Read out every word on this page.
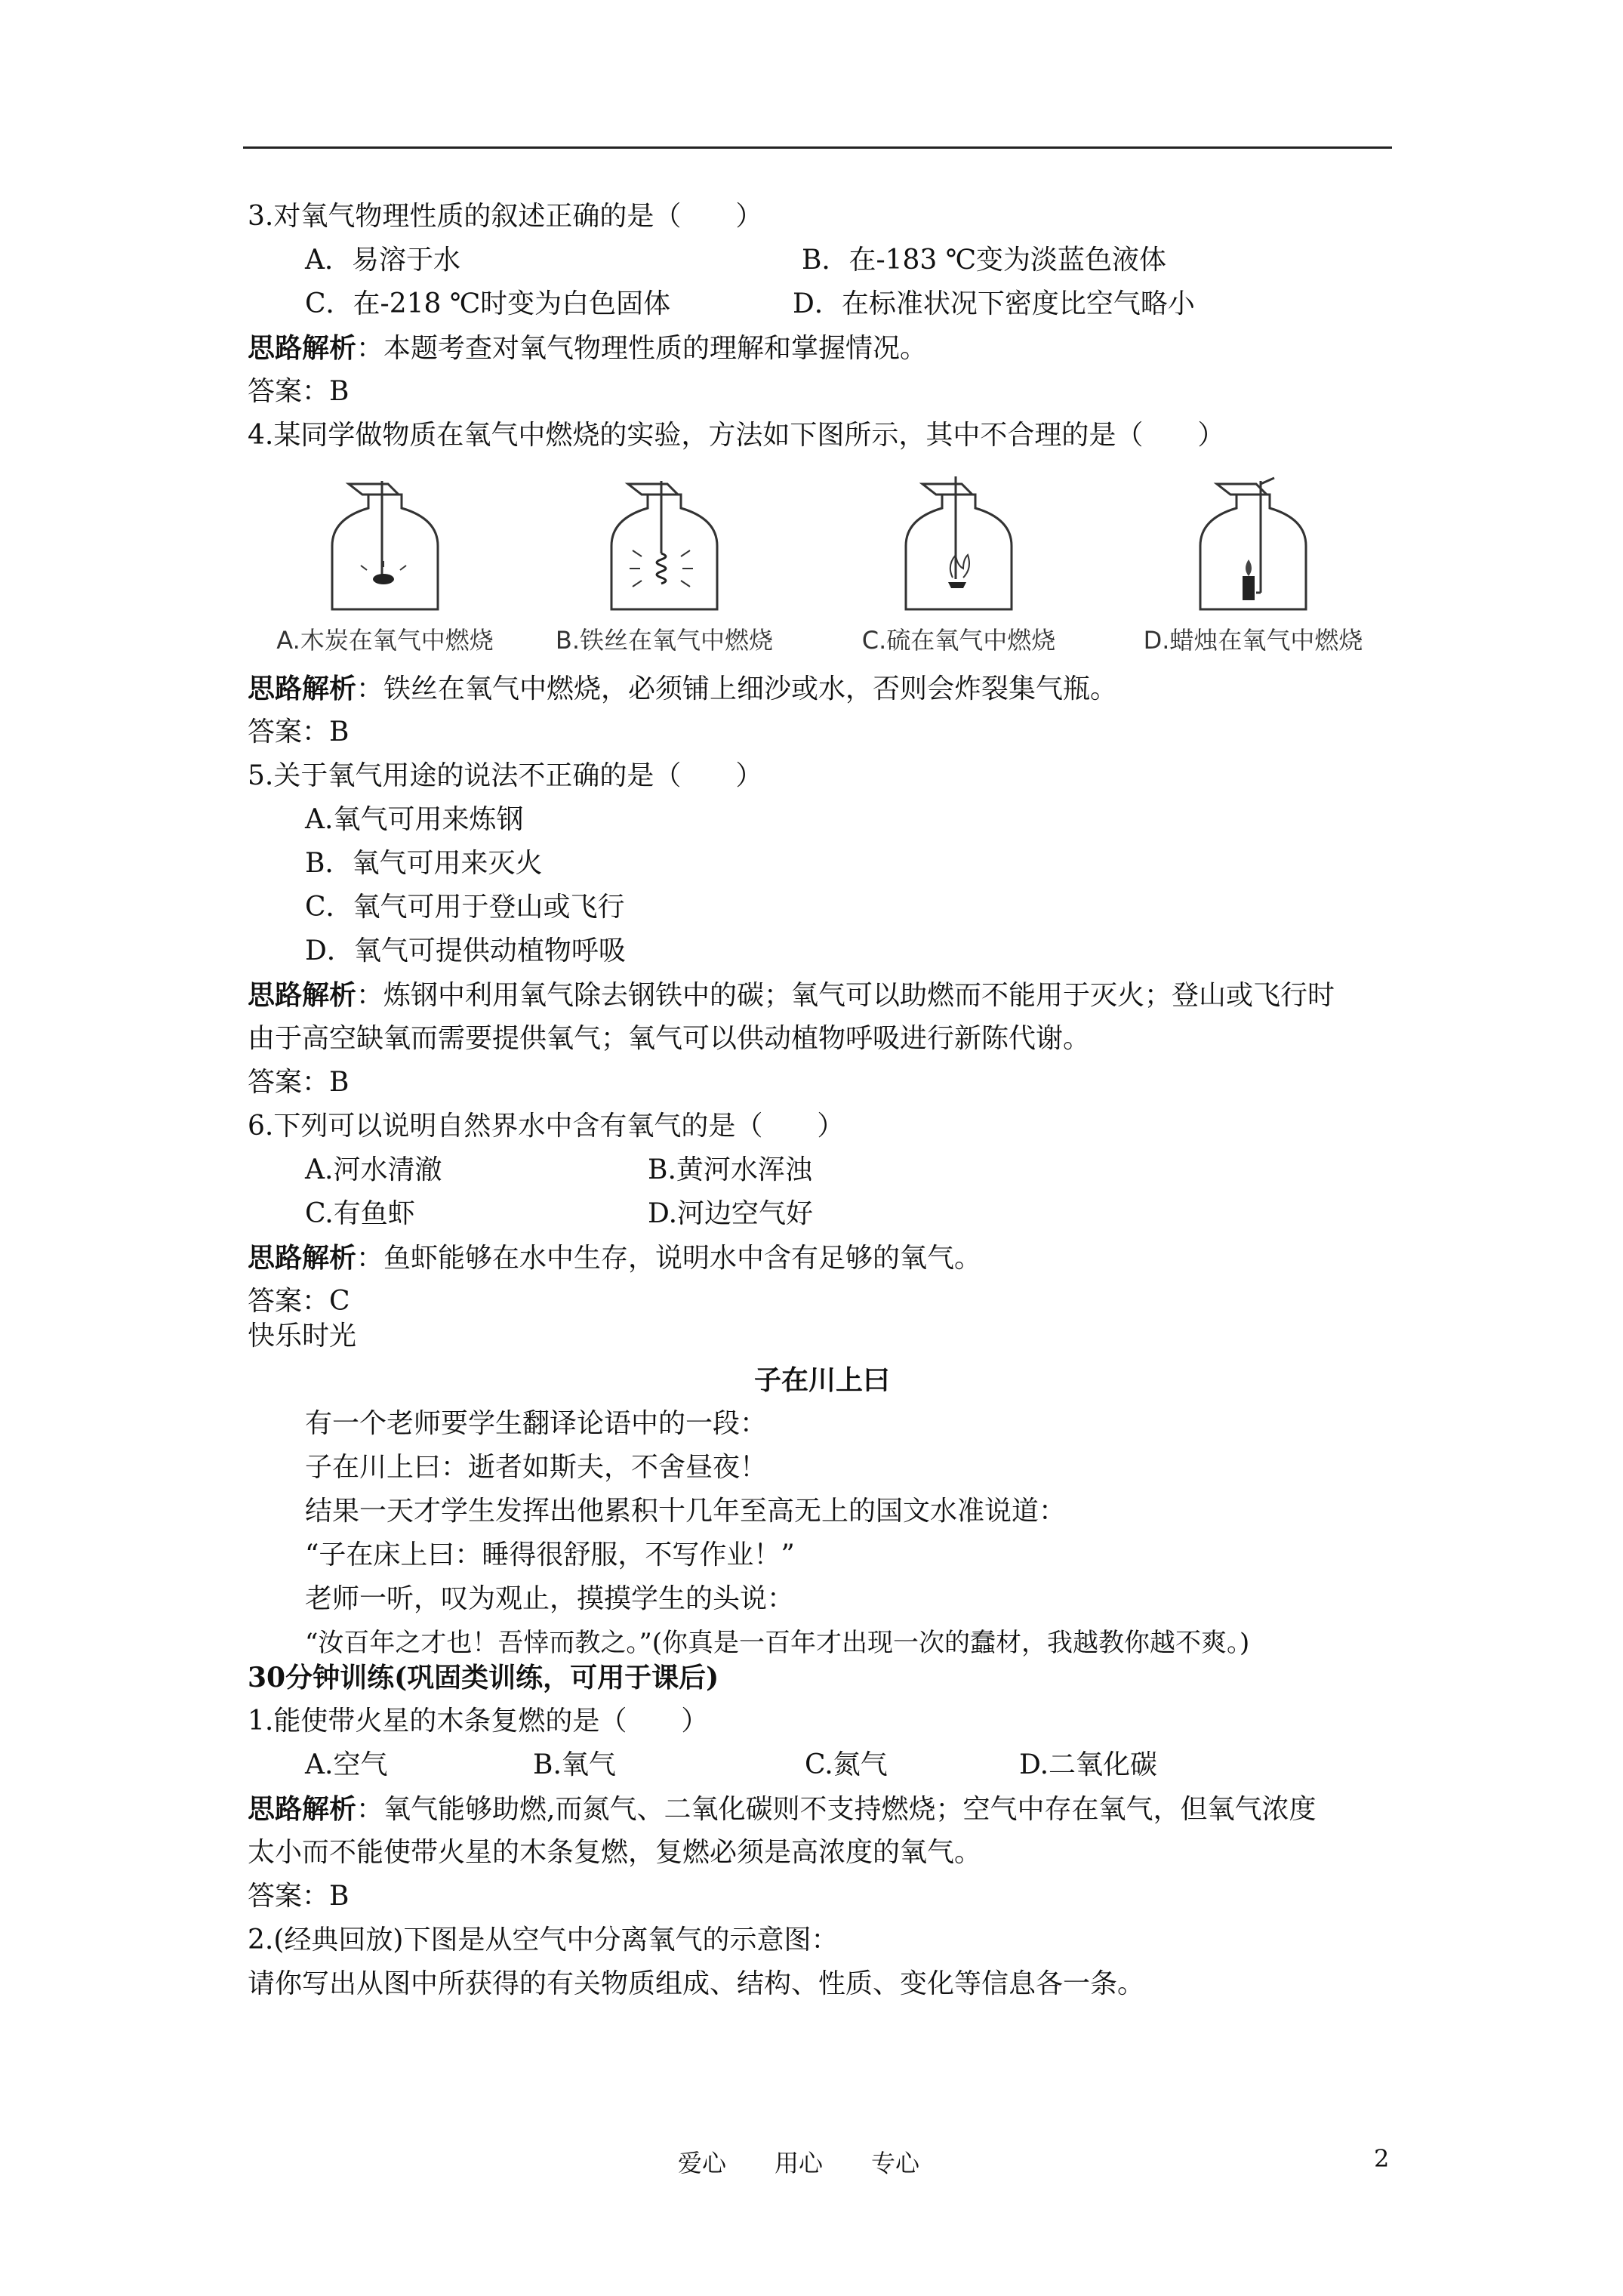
3.对氧气物理性质的叙述正确的是（　　）
A．易溶于水	B．在-183 ℃变为淡蓝色液体
C．在-218 ℃时变为白色固体	D．在标准状况下密度比空气略小
思路解析：本题考查对氧气物理性质的理解和掌握情况。
答案：B
4.某同学做物质在氧气中燃烧的实验，方法如下图所示，其中不合理的是（　　）
A.木炭在氧气中燃烧	B.铁丝在氧气中燃烧	C.硫在氧气中燃烧	D.蜡烛在氧气中燃烧
思路解析：铁丝在氧气中燃烧，必须铺上细沙或水，否则会炸裂集气瓶。
答案：B
5.关于氧气用途的说法不正确的是（　　）
A.氧气可用来炼钢
B．氧气可用来灭火
C．氧气可用于登山或飞行
D．氧气可提供动植物呼吸
思路解析：炼钢中利用氧气除去钢铁中的碳；氧气可以助燃而不能用于灭火；登山或飞行时
由于高空缺氧而需要提供氧气；氧气可以供动植物呼吸进行新陈代谢。
答案：B
6.下列可以说明自然界水中含有氧气的是（　　）
A.河水清澈	B.黄河水浑浊
C.有鱼虾	D.河边空气好
思路解析：鱼虾能够在水中生存，说明水中含有足够的氧气。
答案：C
快乐时光
子在川上曰
有一个老师要学生翻译论语中的一段：
子在川上曰：逝者如斯夫，不舍昼夜！
结果一天才学生发挥出他累积十几年至高无上的国文水准说道：
“子在床上曰：睡得很舒服，不写作业！”
老师一听，叹为观止，摸摸学生的头说：
“汝百年之才也！吾悻而教之。”(你真是一百年才出现一次的蠢材，我越教你越不爽。)
30分钟训练(巩固类训练，可用于课后)
1.能使带火星的木条复燃的是（　　）
A.空气	B.氧气	C.氮气	D.二氧化碳
思路解析：氧气能够助燃,而氮气、二氧化碳则不支持燃烧；空气中存在氧气，但氧气浓度
太小而不能使带火星的木条复燃，复燃必须是高浓度的氧气。
答案：B
2.(经典回放)下图是从空气中分离氧气的示意图：
请你写出从图中所获得的有关物质组成、结构、性质、变化等信息各一条。
爱心　　用心　　专心	2
